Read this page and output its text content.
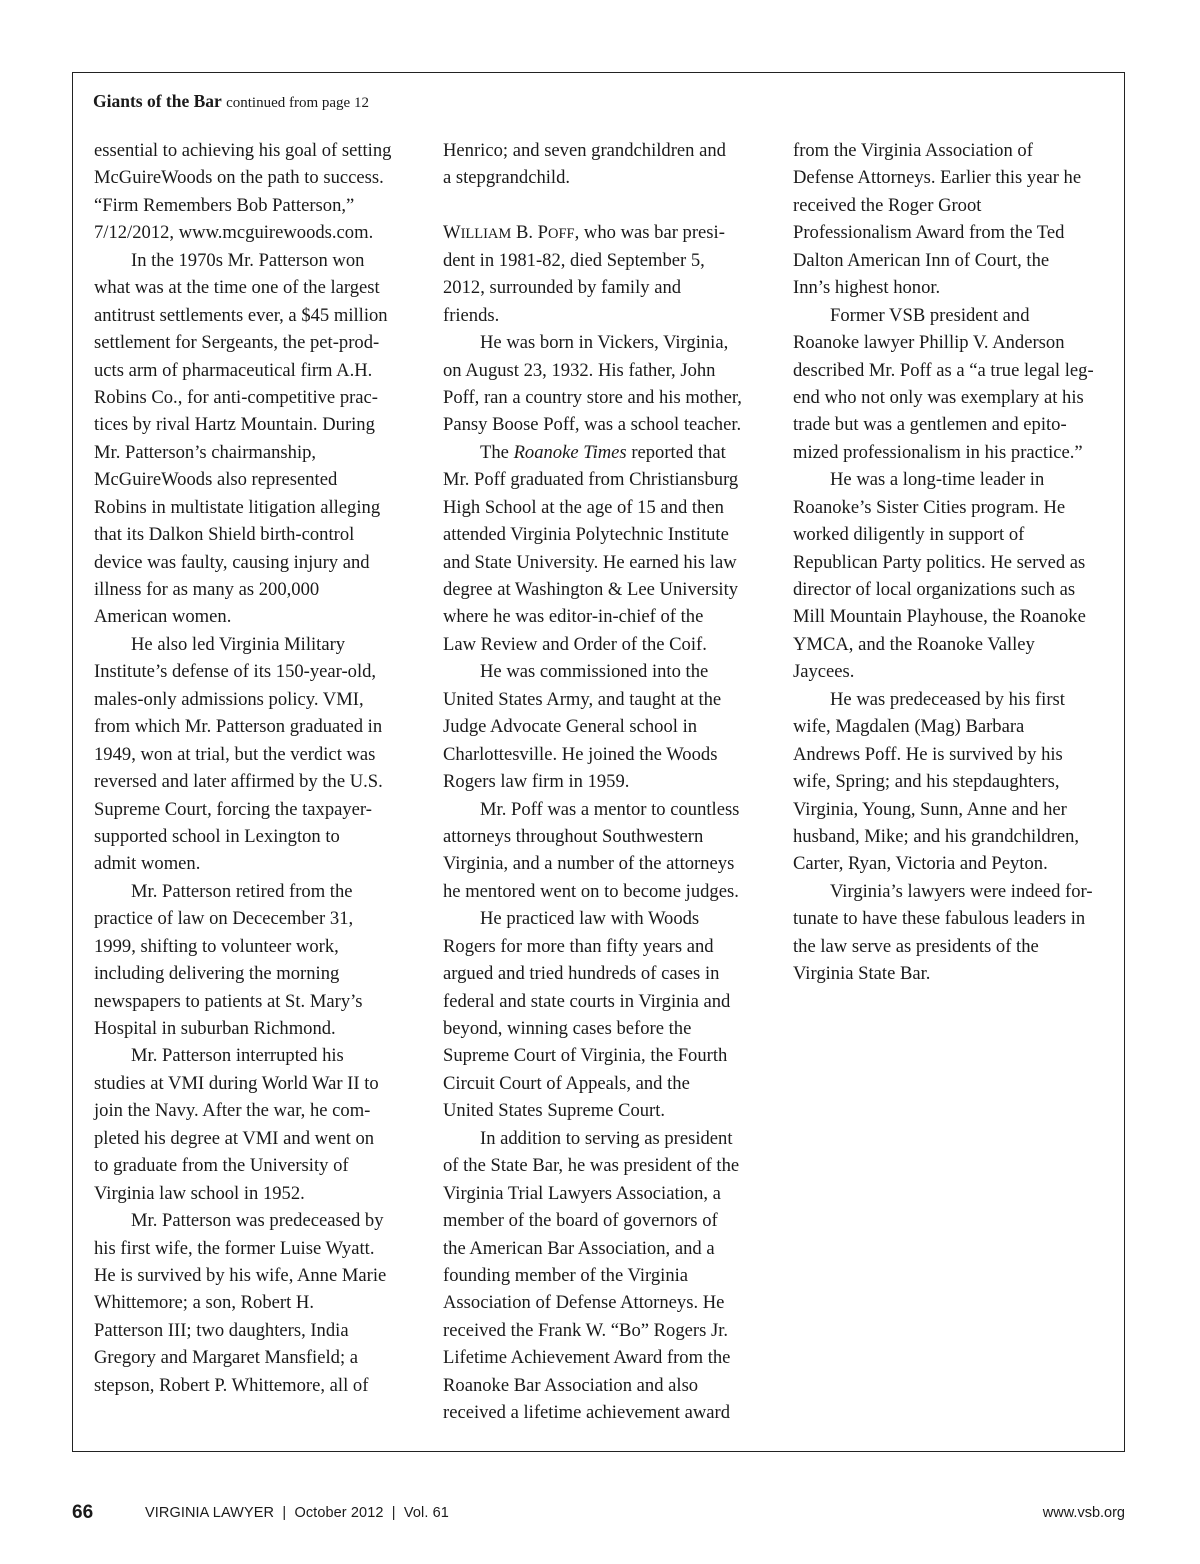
Giants of the Bar continued from page 12
essential to achieving his goal of setting
McGuireWoods on the path to success.
“Firm Remembers Bob Patterson,”
7/12/2012, www.mcguirewoods.com.
In the 1970s Mr. Patterson won
what was at the time one of the largest
antitrust settlements ever, a $45 million
settlement for Sergeants, the pet-prod-
ucts arm of pharmaceutical firm A.H.
Robins Co., for anti-competitive prac-
tices by rival Hartz Mountain. During
Mr. Patterson’s chairmanship,
McGuireWoods also represented
Robins in multistate litigation alleging
that its Dalkon Shield birth-control
device was faulty, causing injury and
illness for as many as 200,000
American women.
He also led Virginia Military
Institute’s defense of its 150-year-old,
males-only admissions policy. VMI,
from which Mr. Patterson graduated in
1949, won at trial, but the verdict was
reversed and later affirmed by the U.S.
Supreme Court, forcing the taxpayer-
supported school in Lexington to
admit women.
Mr. Patterson retired from the
practice of law on Dececember 31,
1999, shifting to volunteer work,
including delivering the morning
newspapers to patients at St. Mary’s
Hospital in suburban Richmond.
Mr. Patterson interrupted his
studies at VMI during World War II to
join the Navy. After the war, he com-
pleted his degree at VMI and went on
to graduate from the University of
Virginia law school in 1952.
Mr. Patterson was predeceased by
his first wife, the former Luise Wyatt.
He is survived by his wife, Anne Marie
Whittemore; a son, Robert H.
Patterson III; two daughters, India
Gregory and Margaret Mansfield; a
stepson, Robert P. Whittemore, all of
Henrico; and seven grandchildren and
a stepgrandchild.
WILLIAM B. POFF, who was bar presi-
dent in 1981-82, died September 5,
2012, surrounded by family and
friends.
He was born in Vickers, Virginia,
on August 23, 1932. His father, John
Poff, ran a country store and his mother,
Pansy Boose Poff, was a school teacher.
The Roanoke Times reported that
Mr. Poff graduated from Christiansburg
High School at the age of 15 and then
attended Virginia Polytechnic Institute
and State University. He earned his law
degree at Washington & Lee University
where he was editor-in-chief of the
Law Review and Order of the Coif.
He was commissioned into the
United States Army, and taught at the
Judge Advocate General school in
Charlottesville. He joined the Woods
Rogers law firm in 1959.
Mr. Poff was a mentor to countless
attorneys throughout Southwestern
Virginia, and a number of the attorneys
he mentored went on to become judges.
He practiced law with Woods
Rogers for more than fifty years and
argued and tried hundreds of cases in
federal and state courts in Virginia and
beyond, winning cases before the
Supreme Court of Virginia, the Fourth
Circuit Court of Appeals, and the
United States Supreme Court.
In addition to serving as president
of the State Bar, he was president of the
Virginia Trial Lawyers Association, a
member of the board of governors of
the American Bar Association, and a
founding member of the Virginia
Association of Defense Attorneys. He
received the Frank W. “Bo” Rogers Jr.
Lifetime Achievement Award from the
Roanoke Bar Association and also
received a lifetime achievement award
from the Virginia Association of
Defense Attorneys. Earlier this year he
received the Roger Groot
Professionalism Award from the Ted
Dalton American Inn of Court, the
Inn’s highest honor.
Former VSB president and
Roanoke lawyer Phillip V. Anderson
described Mr. Poff as a “a true legal leg-
end who not only was exemplary at his
trade but was a gentlemen and epito-
mized professionalism in his practice.”
He was a long-time leader in
Roanoke’s Sister Cities program. He
worked diligently in support of
Republican Party politics. He served as
director of local organizations such as
Mill Mountain Playhouse, the Roanoke
YMCA, and the Roanoke Valley
Jaycees.
He was predeceased by his first
wife, Magdalen (Mag) Barbara
Andrews Poff. He is survived by his
wife, Spring; and his stepdaughters,
Virginia, Young, Sunn, Anne and her
husband, Mike; and his grandchildren,
Carter, Ryan, Victoria and Peyton.
Virginia’s lawyers were indeed for-
tunate to have these fabulous leaders in
the law serve as presidents of the
Virginia State Bar.
66	VIRGINIA LAWYER  |  October 2012  |  Vol. 61	www.vsb.org
